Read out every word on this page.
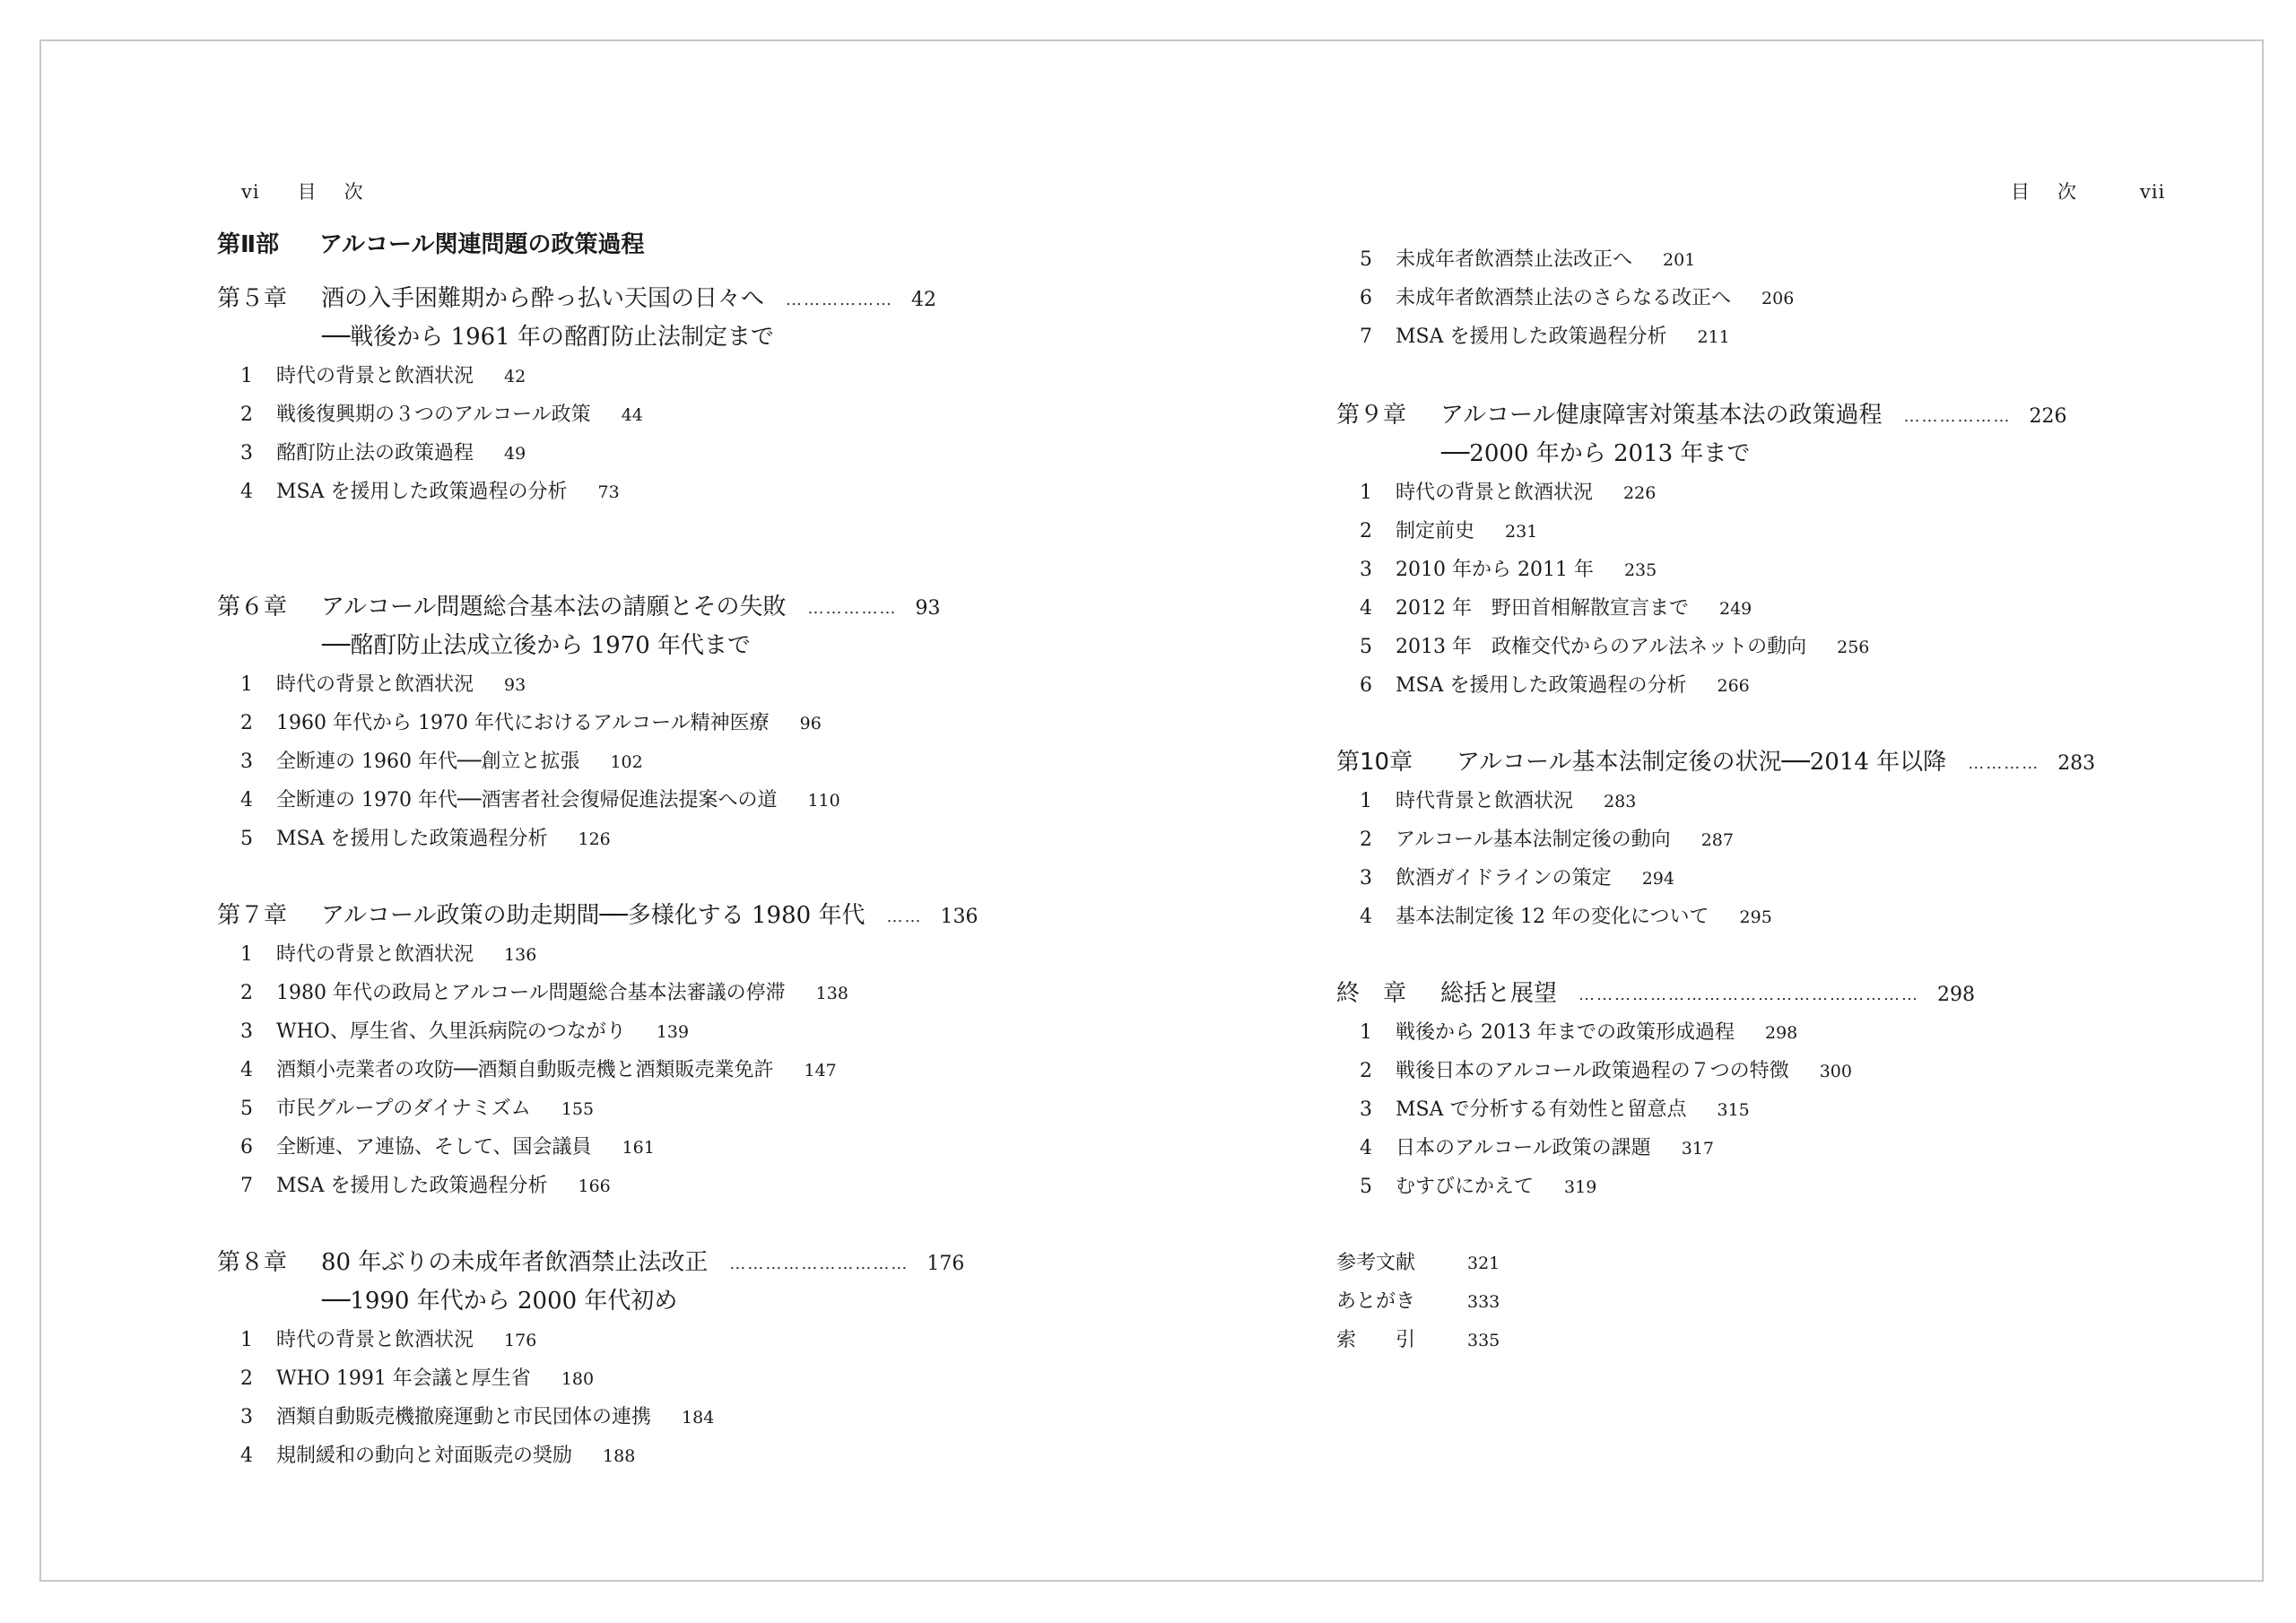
vi 目 次	目 次	vii
第Ⅱ部 アルコール関連問題の政策過程
第５章 酒の入手困難期から酔っ払い天国の日々へ ……………… 42
──戦後から 1961 年の酩酊防止法制定まで
1 時代の背景と飲酒状況 42
2 戦後復興期の３つのアルコール政策 44
3 酩酊防止法の政策過程 49
4 MSA を援用した政策過程の分析 73
第６章 アルコール問題総合基本法の請願とその失敗 …………… 93
──酩酊防止法成立後から 1970 年代まで
1 時代の背景と飲酒状況 93
2 1960 年代から 1970 年代におけるアルコール精神医療 96
3 全断連の 1960 年代──創立と拡張 102
4 全断連の 1970 年代──酒害者社会復帰促進法提案への道 110
5 MSA を援用した政策過程分析 126
第７章 アルコール政策の助走期間──多様化する 1980 年代 …… 136
1 時代の背景と飲酒状況 136
2 1980 年代の政局とアルコール問題総合基本法審議の停滞 138
3 WHO、厚生省、久里浜病院のつながり 139
4 酒類小売業者の攻防──酒類自動販売機と酒類販売業免許 147
5 市民グループのダイナミズム 155
6 全断連、ア連協、そして、国会議員 161
7 MSA を援用した政策過程分析 166
第８章 80 年ぶりの未成年者飲酒禁止法改正 ………………………… 176
──1990 年代から 2000 年代初め
1 時代の背景と飲酒状況 176
2 WHO 1991 年会議と厚生省 180
3 酒類自動販売機撤廃運動と市民団体の連携 184
4 規制緩和の動向と対面販売の奨励 188
5 未成年者飲酒禁止法改正へ 201
6 未成年者飲酒禁止法のさらなる改正へ 206
7 MSA を援用した政策過程分析 211
第９章 アルコール健康障害対策基本法の政策過程 ……………… 226
──2000 年から 2013 年まで
1 時代の背景と飲酒状況 226
2 制定前史 231
3 2010 年から 2011 年 235
4 2012 年　野田首相解散宣言まで 249
5 2013 年　政権交代からのアル法ネットの動向 256
6 MSA を援用した政策過程の分析 266
第10章 アルコール基本法制定後の状況──2014 年以降 ………… 283
1 時代背景と飲酒状況 283
2 アルコール基本法制定後の動向 287
3 飲酒ガイドラインの策定 294
4 基本法制定後 12 年の変化について 295
終　章 総括と展望 ………………………………………………… 298
1 戦後から 2013 年までの政策形成過程 298
2 戦後日本のアルコール政策過程の７つの特徴 300
3 MSA で分析する有効性と留意点 315
4 日本のアルコール政策の課題 317
5 むすびにかえて 319
参考文献	321
あとがき	333
索　　引	335
